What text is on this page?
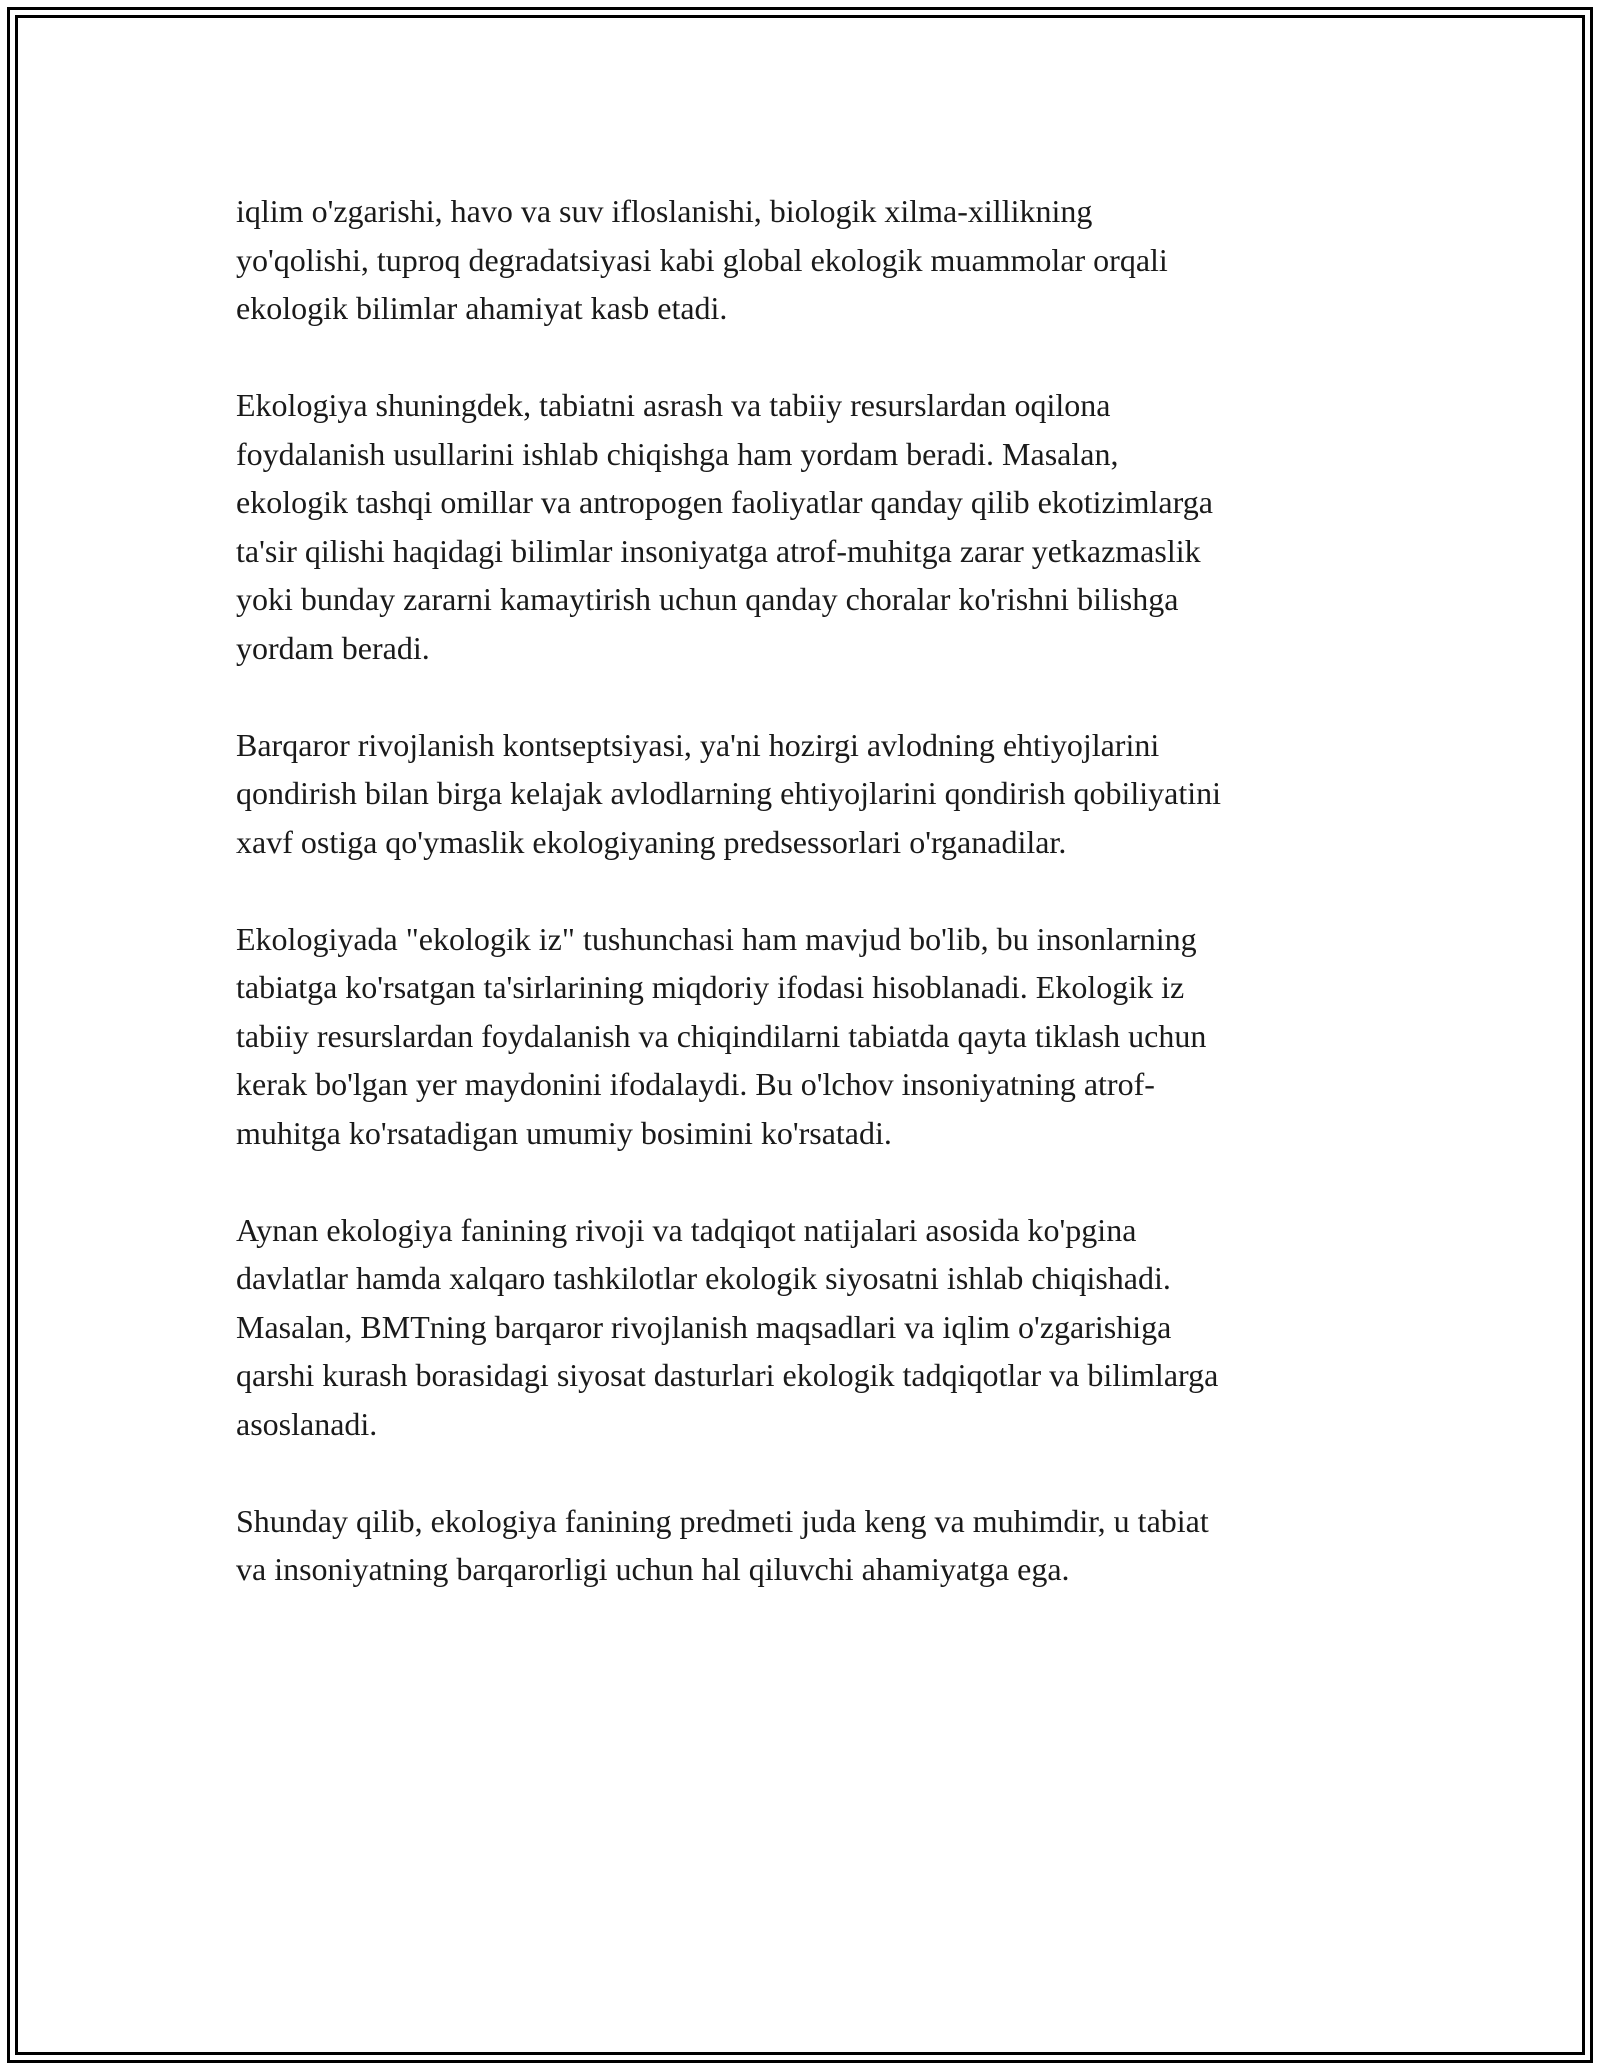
iqlim o'zgarishi, havo va suv ifloslanishi, biologik xilma-xillikning
yo'qolishi, tuproq degradatsiyasi kabi global ekologik muammolar orqali
ekologik bilimlar ahamiyat kasb etadi.

Ekologiya shuningdek, tabiatni asrash va tabiiy resurslardan oqilona
foydalanish usullarini ishlab chiqishga ham yordam beradi. Masalan,
ekologik tashqi omillar va antropogen faoliyatlar qanday qilib ekotizimlarga
ta'sir qilishi haqidagi bilimlar insoniyatga atrof-muhitga zarar yetkazmaslik
yoki bunday zararni kamaytirish uchun qanday choralar ko'rishni bilishga
yordam beradi.

Barqaror rivojlanish kontseptsiyasi, ya'ni hozirgi avlodning ehtiyojlarini
qondirish bilan birga kelajak avlodlarning ehtiyojlarini qondirish qobiliyatini
xavf ostiga qo'ymaslik ekologiyaning predsessorlari o'rganadilar.

Ekologiyada "ekologik iz" tushunchasi ham mavjud bo'lib, bu insonlarning
tabiatga ko'rsatgan ta'sirlarining miqdoriy ifodasi hisoblanadi. Ekologik iz
tabiiy resurslardan foydalanish va chiqindilarni tabiatda qayta tiklash uchun
kerak bo'lgan yer maydonini ifodalaydi. Bu o'lchov insoniyatning atrof-
muhitga ko'rsatadigan umumiy bosimini ko'rsatadi.

Aynan ekologiya fanining rivoji va tadqiqot natijalari asosida ko'pgina
davlatlar hamda xalqaro tashkilotlar ekologik siyosatni ishlab chiqishadi.
Masalan, BMTning barqaror rivojlanish maqsadlari va iqlim o'zgarishiga
qarshi kurash borasidagi siyosat dasturlari ekologik tadqiqotlar va bilimlarga
asoslanadi.

Shunday qilib, ekologiya fanining predmeti juda keng va muhimdir, u tabiat
va insoniyatning barqarorligi uchun hal qiluvchi ahamiyatga ega.
